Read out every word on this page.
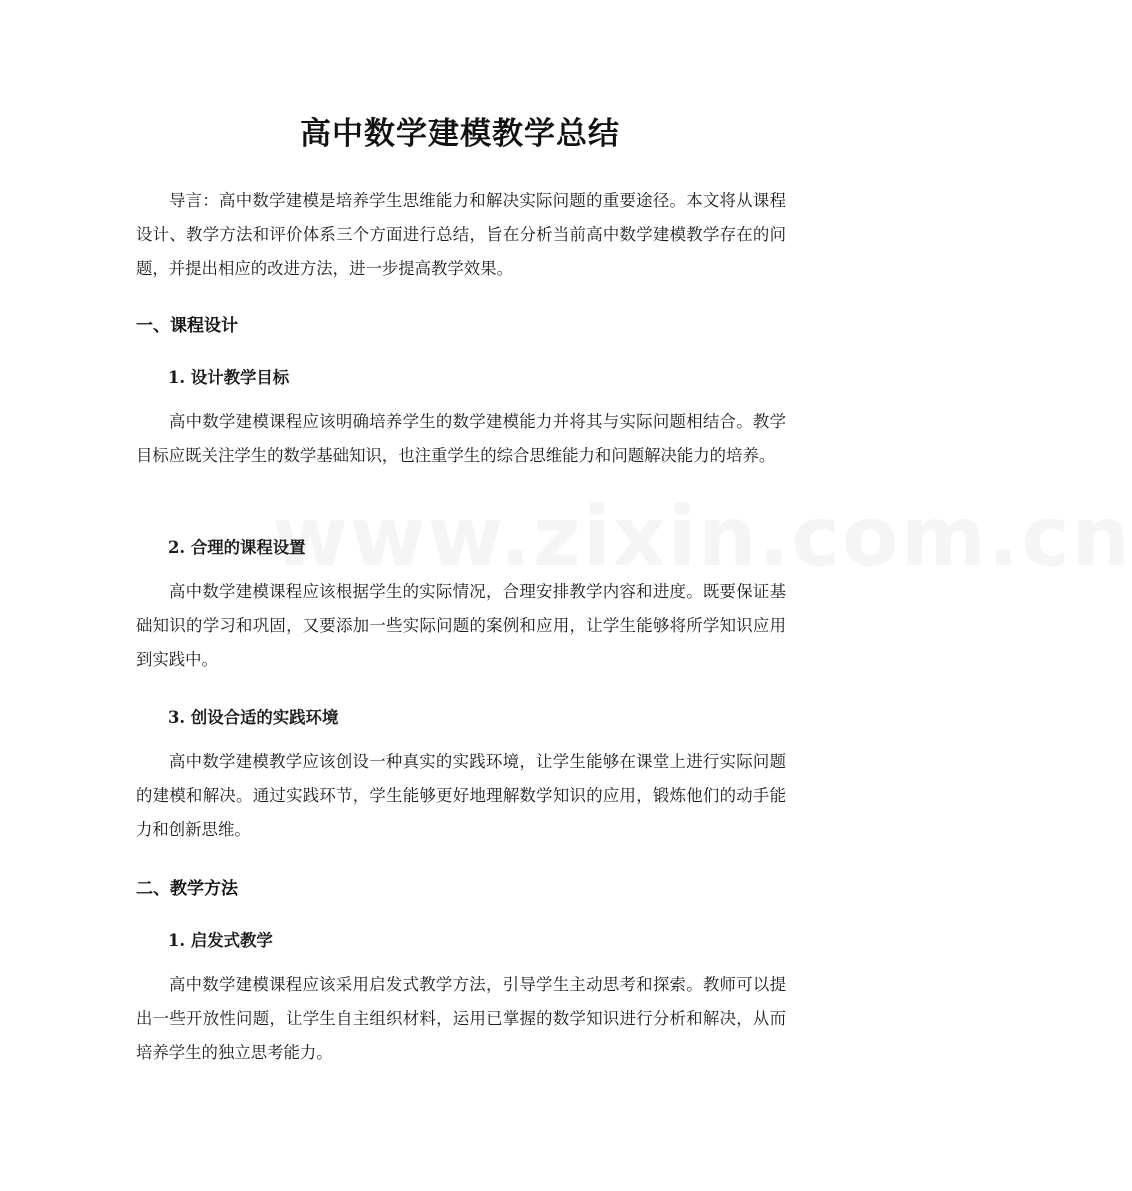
www.zixin.com.cn
高中数学建模教学总结

导言：高中数学建模是培养学生思维能力和解决实际问题的重要途径。本文将从课程设计、教学方法和评价体系三个方面进行总结，旨在分析当前高中数学建模教学存在的问题，并提出相应的改进方法，进一步提高教学效果。

一、课程设计
1. 设计教学目标

高中数学建模课程应该明确培养学生的数学建模能力并将其与实际问题相结合。教学目标应既关注学生的数学基础知识，也注重学生的综合思维能力和问题解决能力的培养。

2. 合理的课程设置

高中数学建模课程应该根据学生的实际情况，合理安排教学内容和进度。既要保证基础知识的学习和巩固，又要添加一些实际问题的案例和应用，让学生能够将所学知识应用到实践中。

3. 创设合适的实践环境

高中数学建模教学应该创设一种真实的实践环境，让学生能够在课堂上进行实际问题的建模和解决。通过实践环节，学生能够更好地理解数学知识的应用，锻炼他们的动手能力和创新思维。

二、教学方法
1. 启发式教学

高中数学建模课程应该采用启发式教学方法，引导学生主动思考和探索。教师可以提出一些开放性问题，让学生自主组织材料，运用已掌握的数学知识进行分析和解决，从而培养学生的独立思考能力。
